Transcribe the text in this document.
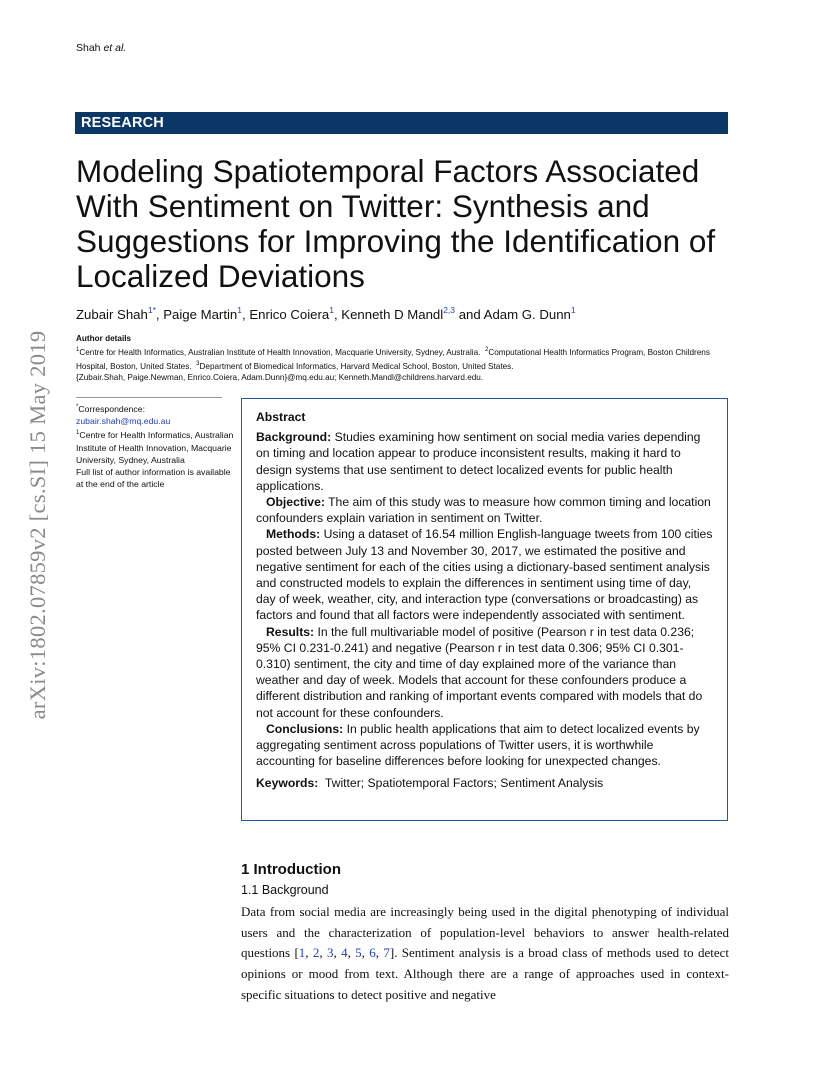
Shah et al.
RESEARCH
Modeling Spatiotemporal Factors Associated With Sentiment on Twitter: Synthesis and Suggestions for Improving the Identification of Localized Deviations
Zubair Shah$^{1*}$, Paige Martin$^1$, Enrico Coiera$^1$, Kenneth D Mandl$^{2,3}$ and Adam G. Dunn$^1$
Author details
$^1$Centre for Health Informatics, Australian Institute of Health Innovation, Macquarie University, Sydney, Australia. $^2$Computational Health Informatics Program, Boston Childrens Hospital, Boston, United States. $^3$Department of Biomedical Informatics, Harvard Medical School, Boston, United States.
{Zubair.Shah, Paige.Newman, Enrico.Coiera, Adam.Dunn}@mq.edu.au; Kenneth.Mandl@childrens.harvard.edu.
*Correspondence:
zubair.shah@mq.edu.au
$^1$Centre for Health Informatics, Australian Institute of Health Innovation, Macquarie University, Sydney, Australia
Full list of author information is available at the end of the article

Abstract

Background: Studies examining how sentiment on social media varies depending on timing and location appear to produce inconsistent results, making it hard to design systems that use sentiment to detect localized events for public health applications.

Objective: The aim of this study was to measure how common timing and location confounders explain variation in sentiment on Twitter.

Methods: Using a dataset of 16.54 million English-language tweets from 100 cities posted between July 13 and November 30, 2017, we estimated the positive and negative sentiment for each of the cities using a dictionary-based sentiment analysis and constructed models to explain the differences in sentiment using time of day, day of week, weather, city, and interaction type (conversations or broadcasting) as factors and found that all factors were independently associated with sentiment.

Results: In the full multivariable model of positive (Pearson r in test data 0.236; 95% CI 0.231-0.241) and negative (Pearson r in test data 0.306; 95% CI 0.301-0.310) sentiment, the city and time of day explained more of the variance than weather and day of week. Models that account for these confounders produce a different distribution and ranking of important events compared with models that do not account for these confounders.

Conclusions: In public health applications that aim to detect localized events by aggregating sentiment across populations of Twitter users, it is worthwhile accounting for baseline differences before looking for unexpected changes.

Keywords: Twitter; Spatiotemporal Factors; Sentiment Analysis

1 Introduction
1.1 Background
Data from social media are increasingly being used in the digital phenotyping of individual users and the characterization of population-level behaviors to answer health-related questions [1, 2, 3, 4, 5, 6, 7]. Sentiment analysis is a broad class of methods used to detect opinions or mood from text. Although there are a range of approaches used in context-specific situations to detect positive and negative
arXiv:1802.07859v2 [cs.SI] 15 May 2019
